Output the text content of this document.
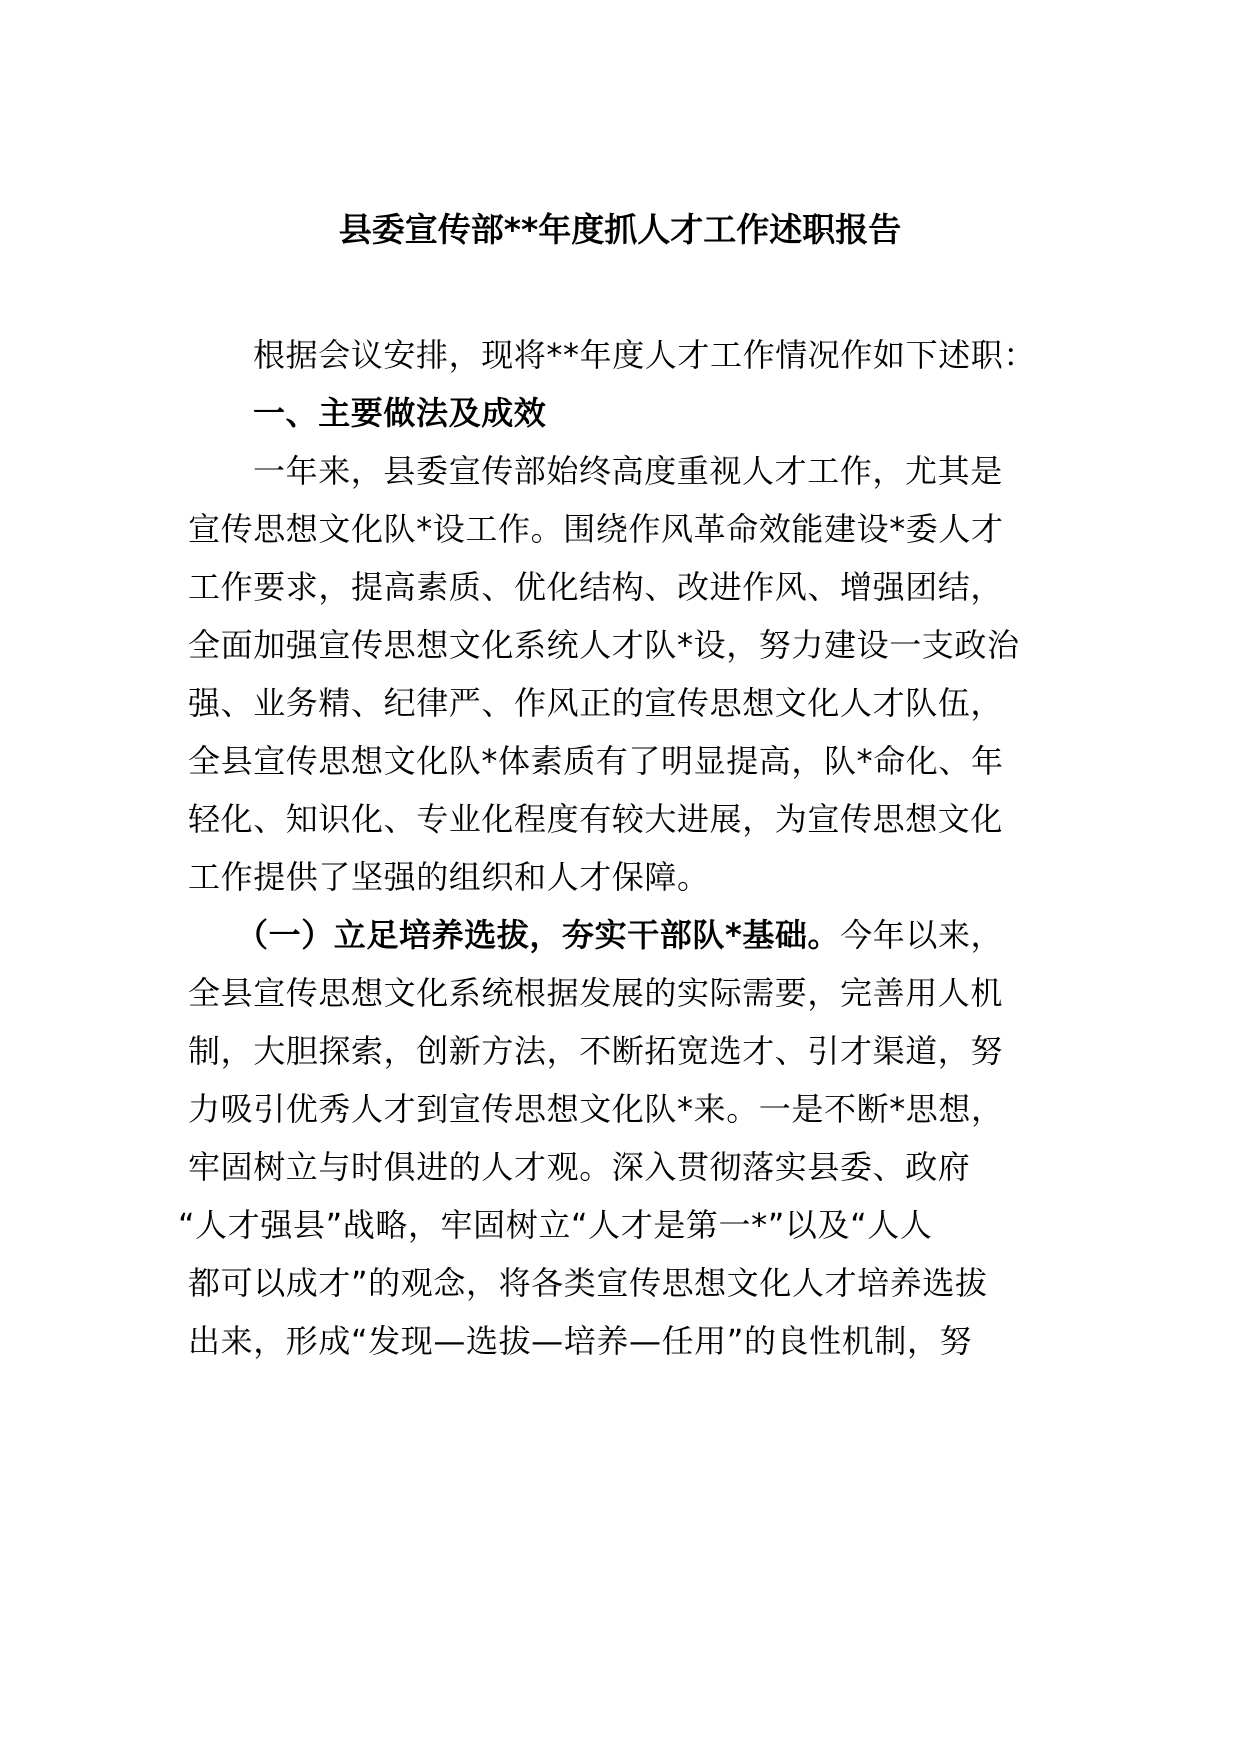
县委宣传部**年度抓人才工作述职报告
根据会议安排，现将**年度人才工作情况作如下述职：
一、主要做法及成效
一年来，县委宣传部始终高度重视人才工作，尤其是
宣传思想文化队*设工作。围绕作风革命效能建设*委人才
工作要求，提高素质、优化结构、改进作风、增强团结，
全面加强宣传思想文化系统人才队*设，努力建设一支政治
强、业务精、纪律严、作风正的宣传思想文化人才队伍，
全县宣传思想文化队*体素质有了明显提高，队*命化、年
轻化、知识化、专业化程度有较大进展，为宣传思想文化
工作提供了坚强的组织和人才保障。
（一）立足培养选拔，夯实干部队*基础。今年以来，
全县宣传思想文化系统根据发展的实际需要，完善用人机
制，大胆探索，创新方法，不断拓宽选才、引才渠道，努
力吸引优秀人才到宣传思想文化队*来。一是不断*思想，
牢固树立与时俱进的人才观。深入贯彻落实县委、政府
“人才强县”战略，牢固树立“人才是第一*”以及“人人
都可以成才”的观念，将各类宣传思想文化人才培养选拔
出来，形成“发现—选拔—培养—任用”的良性机制，努
